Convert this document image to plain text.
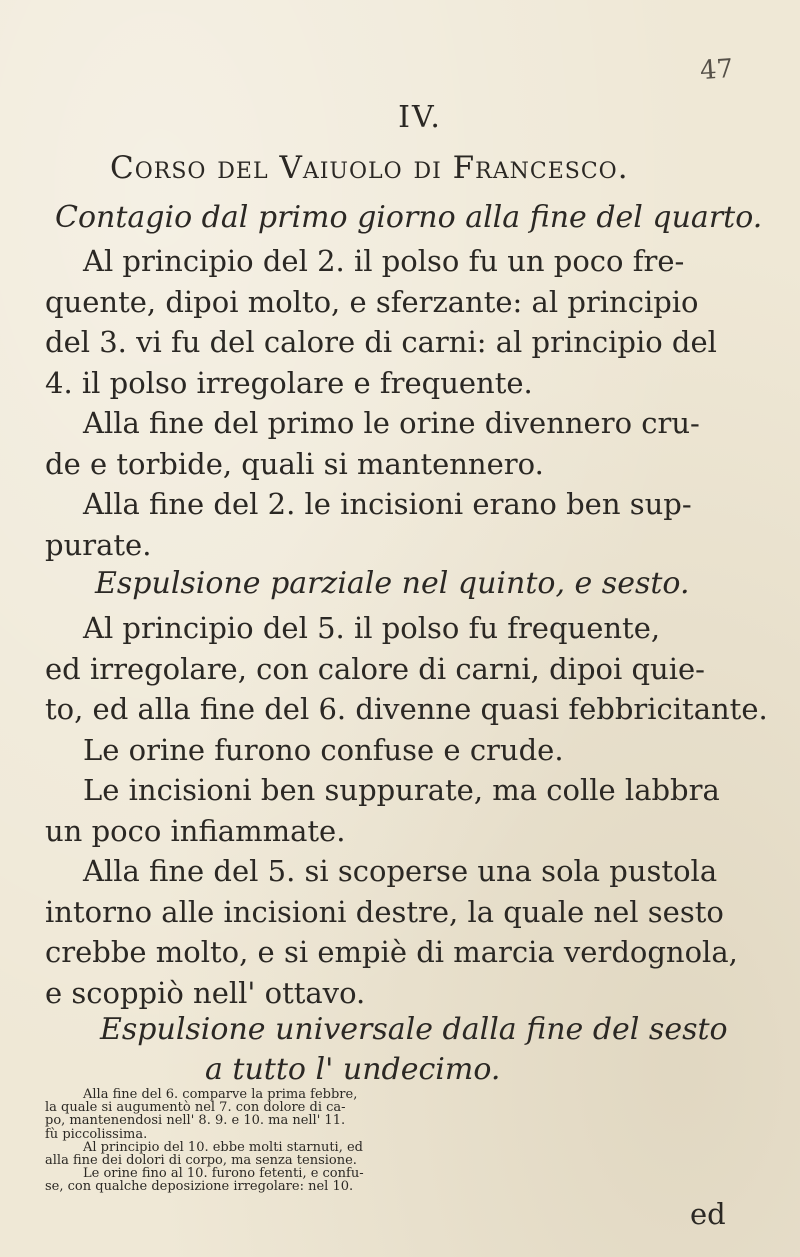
47
IV.
Corso del Vaiuolo di Francesco.
Contagio dal primo giorno alla fine del quarto.
Al principio del 2. il polso fu un poco fre-
quente, dipoi molto, e sferzante: al principio
del 3. vi fu del calore di carni: al principio del
4. il polso irregolare e frequente.
Alla fine del primo le orine divennero cru-
de e torbide, quali si mantennero.
Alla fine del 2. le incisioni erano ben sup-
purate.
Espulsione parziale nel quinto, e sesto.
Al principio del 5. il polso fu frequente,
ed irregolare, con calore di carni, dipoi quie-
to, ed alla fine del 6. divenne quasi febbricitante.
Le orine furono confuse e crude.
Le incisioni ben suppurate, ma colle labbra
un poco infiammate.
Alla fine del 5. si scoperse una sola pustola
intorno alle incisioni destre, la quale nel sesto
crebbe molto, e si empiè di marcia verdognola,
e scoppiò nell' ottavo.
Espulsione universale dalla fine del sesto
a tutto l' undecimo.
Alla fine del 6. comparve la prima febbre,
la quale si augumentò nel 7. con dolore di ca-
po, mantenendosi nell' 8. 9. e 10. ma nell' 11.
fù piccolissima.
Al principio del 10. ebbe molti starnuti, ed
alla fine dei dolori di corpo, ma senza tensione.
Le orine fino al 10. furono fetenti, e confu-
se, con qualche deposizione irregolare: nel 10.
ed
